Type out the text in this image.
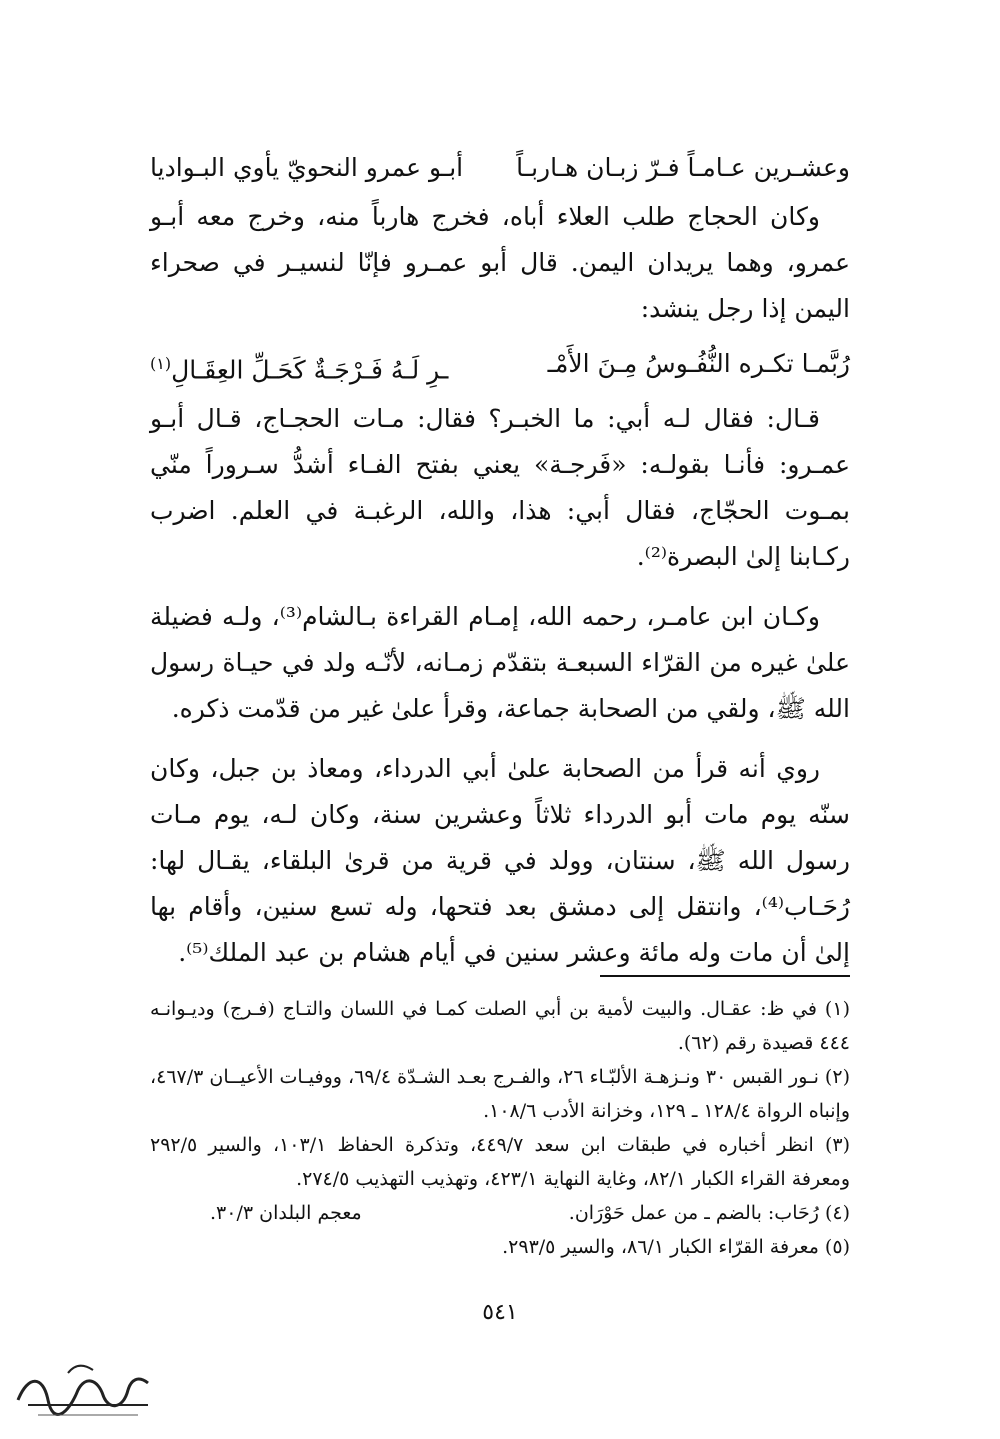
وعشـرين عـامـاً فـرّ زبـان هـاربـاً
أبـو عمرو النحويّ يأوي البـواديا

وكان الحجاج طلب العلاء أباه، فخرج هارباً منه، وخرج معه أبـو عمرو، وهما يريدان اليمن. قال أبو عمـرو فإنّا لنسيـر في صحراء اليمن إذا رجل ينشد:

رُبَّمـا تكـره النُّفُـوسُ مِـنَ الأَمْـ
ـرِ لَـهُ فَـرْجَـةٌ كَحَـلِّ العِقَـالِ$^{(١)}$

قـال: فقال لـه أبي: ما الخبـر؟ فقال: مـات الحجـاج، قـال أبـو عمـرو: فأنـا بقولـه: «فَرجـة» يعني بفتح الفـاء أشدُّ سـروراً منّي بمـوت الحجّاج، فقال أبي: هذا، والله، الرغبـة في العلم. اضرب ركـابنا إلىٰ البصرة⁽²⁾.

وكـان ابن عامـر، رحمه الله، إمـام القراءة بـالشام⁽³⁾، ولـه فضيلة علىٰ غيره من القرّاء السبعـة بتقدّم زمـانه، لأنّـه ولد في حيـاة رسول الله ﷺ، ولقي من الصحابة جماعة، وقرأ علىٰ غير من قدّمت ذكره.

روي أنه قرأ من الصحابة علىٰ أبي الدرداء، ومعاذ بن جبل، وكان سنّه يوم مات أبو الدرداء ثلاثاً وعشرين سنة، وكان لـه، يوم مـات رسول الله ﷺ، سنتان، وولد في قرية من قرىٰ البلقاء، يقـال لها: رُحَـاب⁽⁴⁾، وانتقل إلى دمشق بعد فتحها، وله تسع سنين، وأقام بها إلىٰ أن مات وله مائة وعشر سنين في أيام هشام بن عبد الملك⁽⁵⁾.

(١) في ظ: عقـال. والبيت لأمية بن أبي الصلت كمـا في اللسان والتـاج (فـرج) وديـوانـه ٤٤٤ قصيدة رقم (٦٢).

(٢) نـور القبس ٣٠ ونـزهـة الألبّـاء ٢٦، والفـرج بعـد الشـدّة ٦٩/٤، ووفيـات الأعيــان ٤٦٧/٣، وإنباه الرواة ١٢٨/٤ ـ ١٢٩، وخزانة الأدب ١٠٨/٦.

(٣) انظر أخباره في طبقات ابن سعد ٤٤٩/٧، وتذكرة الحفاظ ١٠٣/١، والسير ٢٩٢/٥ ومعرفة القراء الكبار ٨٢/١، وغاية النهاية ٤٢٣/١، وتهذيب التهذيب ٢٧٤/٥.

(٤) رُحَاب: بالضم ـ من عمل حَوْرَان.
معجم البلدان ٣٠/٣.

(٥) معرفة القرّاء الكبار ٨٦/١، والسير ٢٩٣/٥.

٥٤١
